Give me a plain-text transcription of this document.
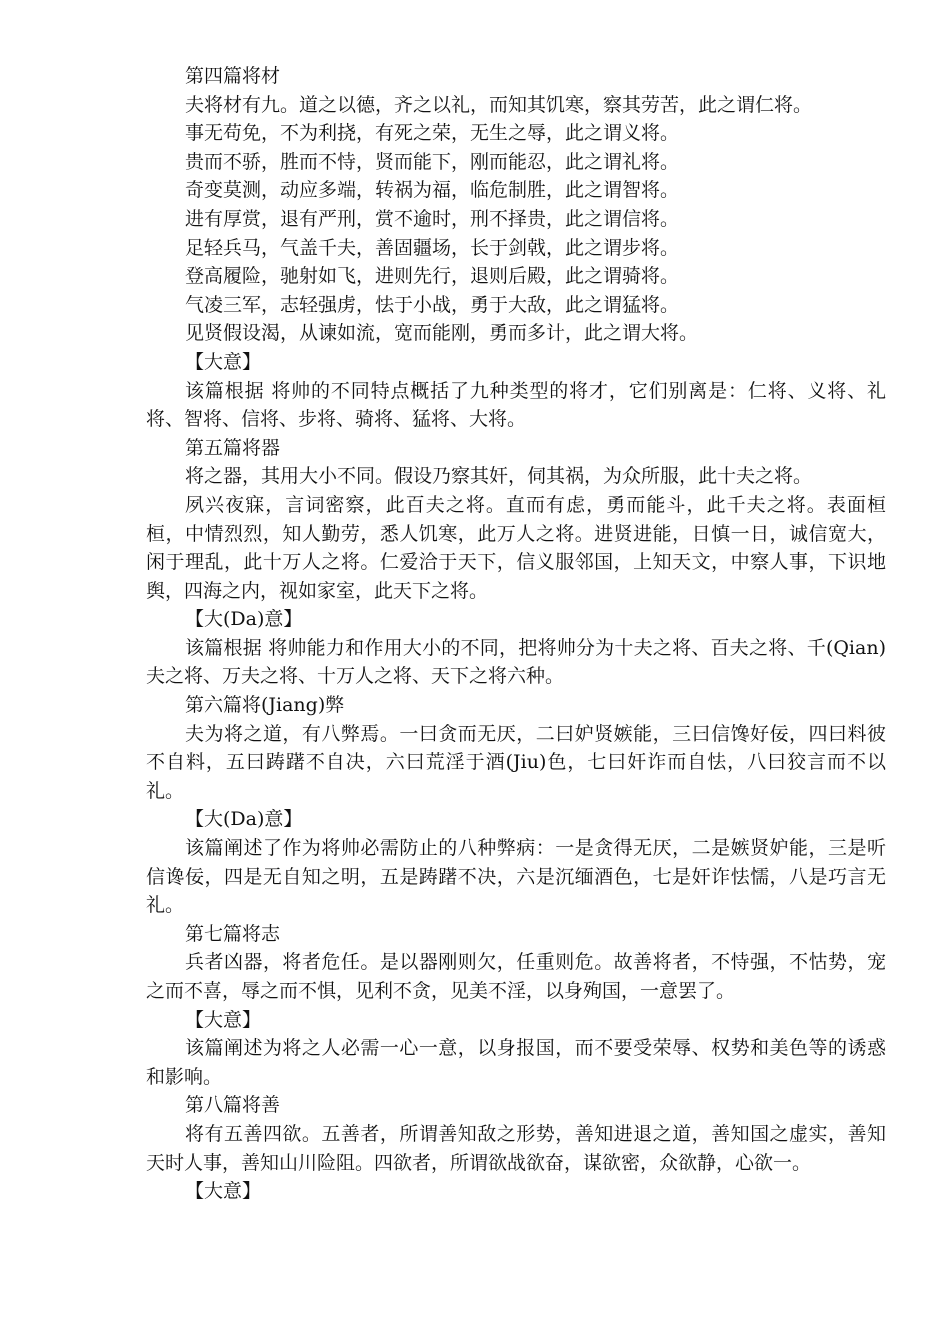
第四篇将材

夫将材有九。道之以德，齐之以礼，而知其饥寒，察其劳苦，此之谓仁将。

事无苟免，不为利挠，有死之荣，无生之辱，此之谓义将。

贵而不骄，胜而不恃，贤而能下，刚而能忍，此之谓礼将。

奇变莫测，动应多端，转祸为福，临危制胜，此之谓智将。

进有厚赏，退有严刑，赏不逾时，刑不择贵，此之谓信将。

足轻兵马，气盖千夫，善固疆场，长于剑戟，此之谓步将。

登高履险，驰射如飞，进则先行，退则后殿，此之谓骑将。

气凌三军，志轻强虏，怯于小战，勇于大敌，此之谓猛将。

见贤假设渴，从谏如流，宽而能刚，勇而多计，此之谓大将。

【大意】

该篇根据 将帅的不同特点概括了九种类型的将才，它们别离是：仁将、义将、礼将、智将、信将、步将、骑将、猛将、大将。

第五篇将器

将之器，其用大小不同。假设乃察其奸，伺其祸，为众所服，此十夫之将。

夙兴夜寐，言词密察，此百夫之将。直而有虑，勇而能斗，此千夫之将。表面桓桓，中情烈烈，知人勤劳，悉人饥寒，此万人之将。进贤进能，日慎一日，诚信宽大，闲于理乱，此十万人之将。仁爱洽于天下，信义服邻国，上知天文，中察人事，下识地舆，四海之内，视如家室，此天下之将。

【大(Da)意】

该篇根据 将帅能力和作用大小的不同，把将帅分为十夫之将、百夫之将、千(Qian)夫之将、万夫之将、十万人之将、天下之将六种。

第六篇将(Jiang)弊

夫为将之道，有八弊焉。一曰贪而无厌，二曰妒贤嫉能，三曰信馋好佞，四曰料彼不自料，五曰踌躇不自决，六曰荒淫于酒(Jiu)色，七曰奸诈而自怯，八曰狡言而不以礼。

【大(Da)意】

该篇阐述了作为将帅必需防止的八种弊病：一是贪得无厌，二是嫉贤妒能，三是听信谗佞，四是无自知之明，五是踌躇不决，六是沉缅酒色，七是奸诈怯懦，八是巧言无礼。

第七篇将志

兵者凶器，将者危任。是以器刚则欠，任重则危。故善将者，不恃强，不怙势，宠之而不喜，辱之而不惧，见利不贪，见美不淫，以身殉国，一意罢了。

【大意】

该篇阐述为将之人必需一心一意，以身报国，而不要受荣辱、权势和美色等的诱惑和影响。

第八篇将善

将有五善四欲。五善者，所谓善知敌之形势，善知进退之道，善知国之虚实，善知天时人事，善知山川险阻。四欲者，所谓欲战欲奋，谋欲密，众欲静，心欲一。

【大意】
